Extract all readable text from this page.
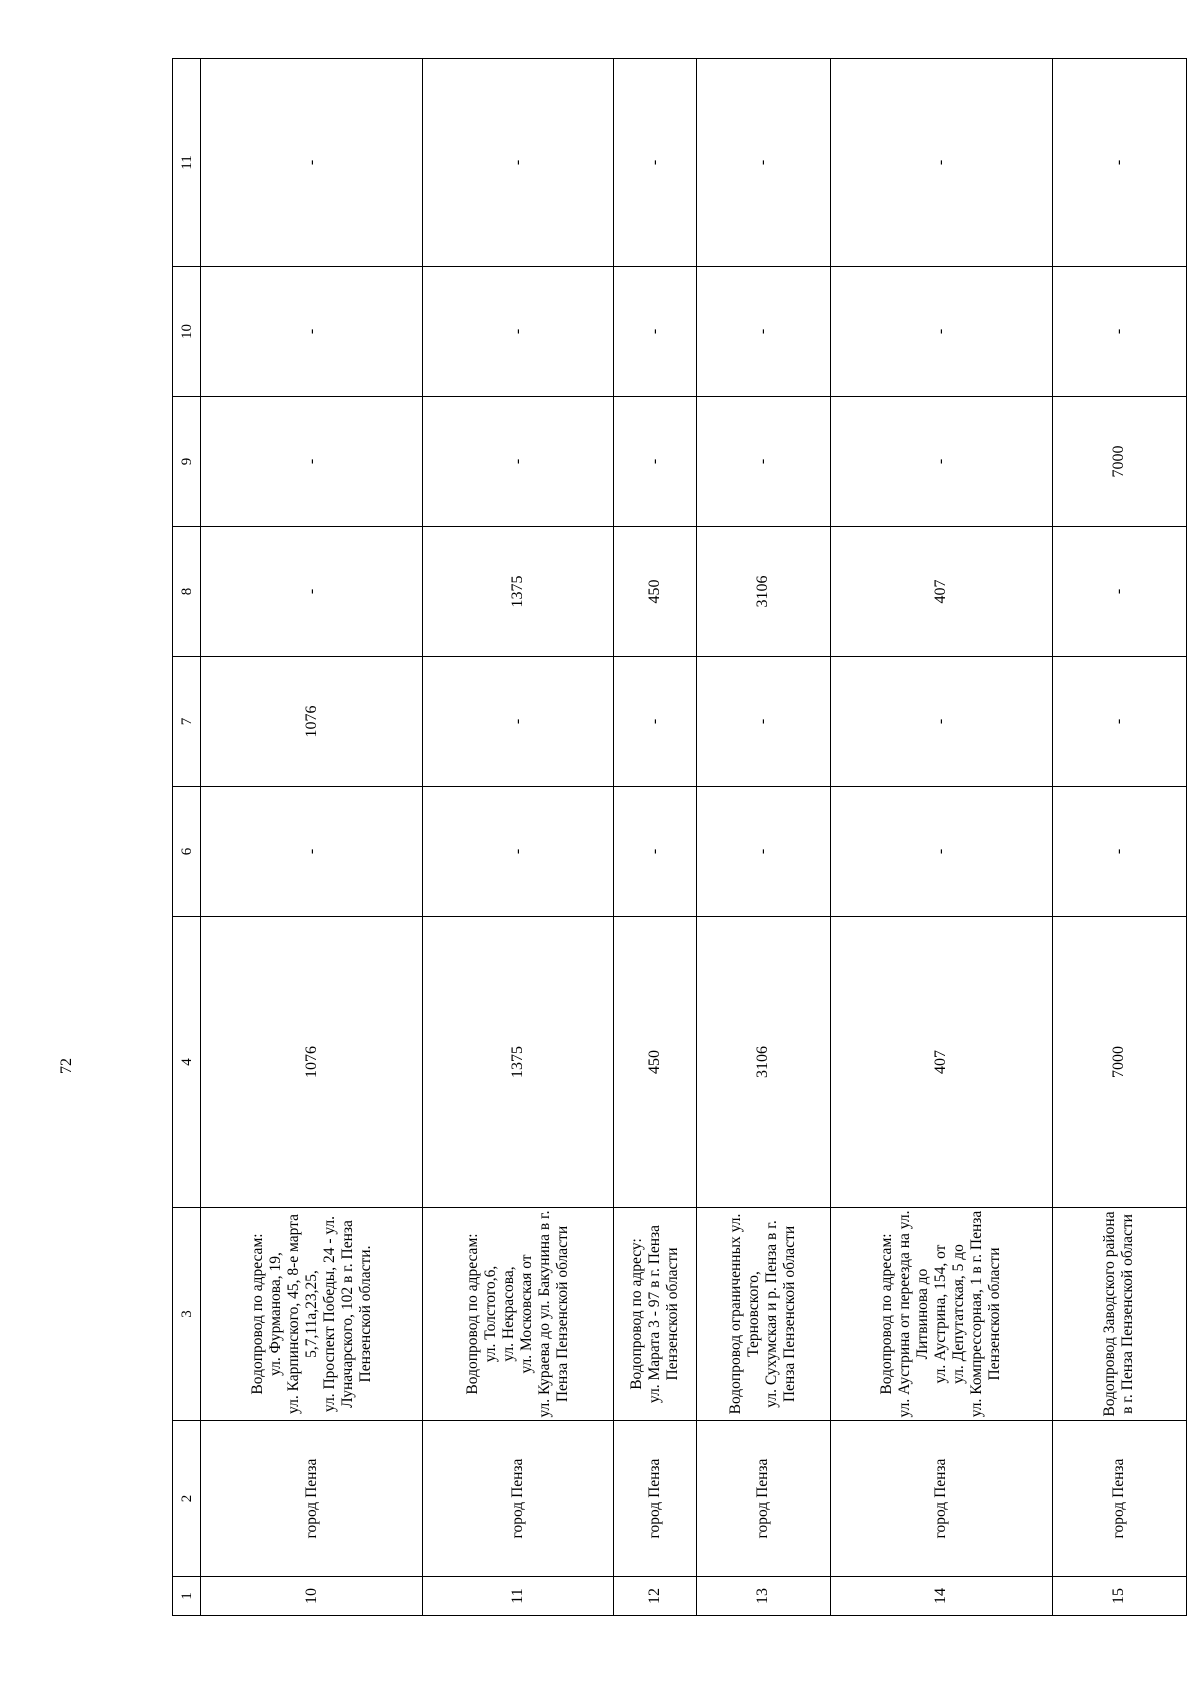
72
1	2	3	4	6	7	8	9	10	11
10	город Пенза	Водопровод по адресам:
ул. Фурманова, 19,
ул. Карпинского, 45, 8-е марта 5,7,11а,23,25,
ул. Проспект Победы, 24 - ул. Луначарского, 102 в г. Пенза Пензенской области.	1076	-	1076	-	-	-	-
11	город Пенза	Водопровод по адресам:
ул. Толстого,6,
ул. Некрасова,
ул. Московская от
ул. Кураева до ул. Бакунина в г. Пенза Пензенской области	1375	-	-	1375	-	-	-
12	город Пенза	Водопровод по адресу:
ул. Марата 3 - 97 в г. Пенза Пензенской области	450	-	-	450	-	-	-
13	город Пенза	Водопровод ограниченных ул. Терновского,
ул. Сухумская и р. Пенза в г. Пенза Пензенской области	3106	-	-	3106	-	-	-
14	город Пенза	Водопровод по адресам:
ул. Аустрина от переезда на ул. Литвинова до
ул. Аустрина, 154, от
ул. Депутатская, 5 до
ул. Компрессорная, 1 в г. Пенза Пензенской области	407	-	-	407	-	-	-
15	город Пенза	Водопровод Заводского района в г. Пенза Пензенской области	7000	-	-	-	7000	-	-
